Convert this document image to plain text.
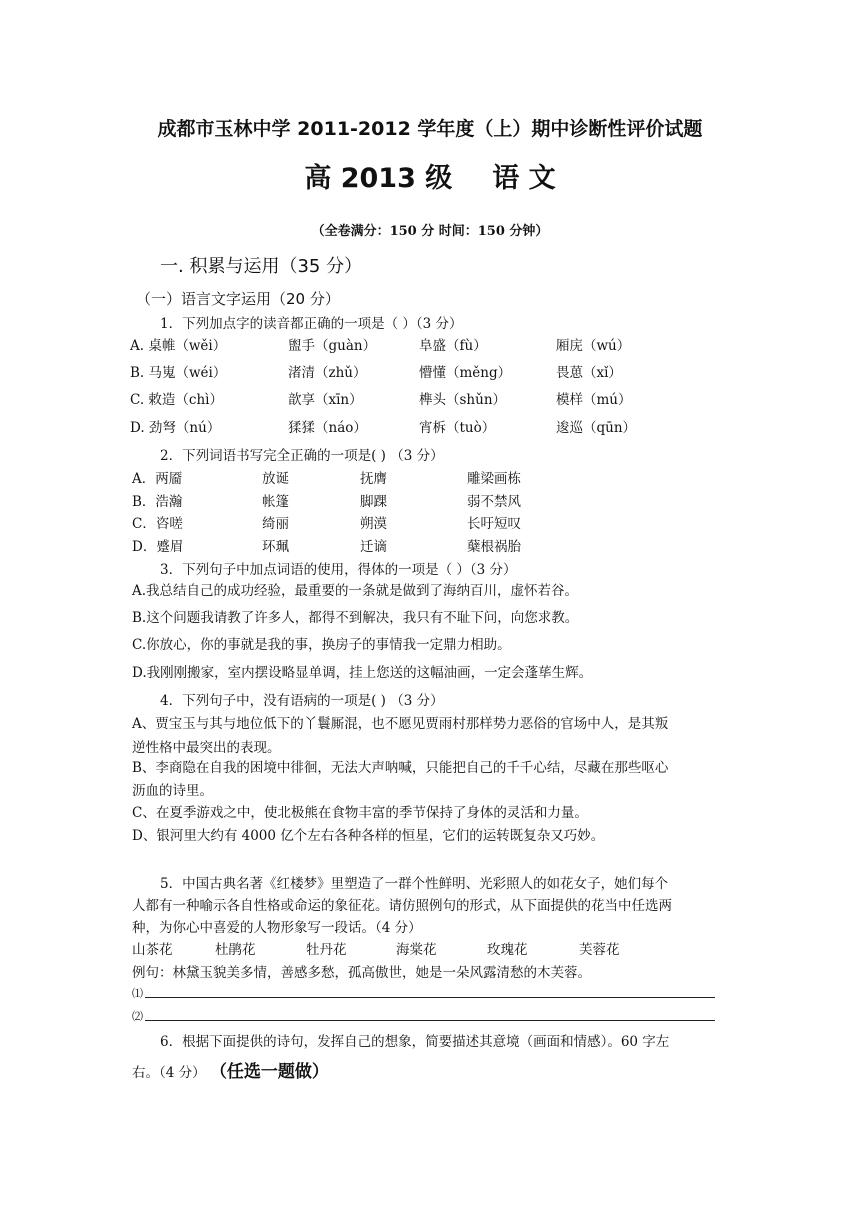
成都市玉林中学 2011-2012 学年度（上）期中诊断性评价试题
高 2013 级 语 文
（全卷满分：150 分 时间：150 分钟）
一. 积累与运用（35 分）
（一）语言文字运用（20 分）
1．下列加点字的读音都正确的一项是（ ）（3 分）
A. 桌帷（wěi）	盥手（guàn）	阜盛（fù）	厢庑（wú）
B. 马嵬（wéi）	渚清（zhǔ）	懵懂（měng）	畏葸（xǐ）
C. 敕造（chì）	歆享（xīn）	榫头（shǔn）	模样（mú）
D. 劲弩（nú）	猱猱（náo）	宵柝（tuò）	逡巡（qūn）
2．下列词语书写完全正确的一项是( ) （3 分）
A．两靥	放诞	抚膺	雕梁画栋
B．浩瀚	帐篷	脚踝	弱不禁风
C．咨嗟	绮丽	朔漠	长吁短叹
D．蹙眉	环珮	迁谪	蘖根祸胎
3．下列句子中加点词语的使用，得体的一项是（ ）（3 分）
A.我总结自己的成功经验，最重要的一条就是做到了海纳百川，虚怀若谷。
B.这个问题我请教了许多人，都得不到解决，我只有不耻下问，向您求教。
C.你放心，你的事就是我的事，换房子的事情我一定鼎力相助。
D.我刚刚搬家，室内摆设略显单调，挂上您送的这幅油画，一定会蓬荜生辉。
4．下列句子中，没有语病的一项是( ) （3 分）
A、贾宝玉与其与地位低下的丫鬟厮混，也不愿见贾雨村那样势力恶俗的官场中人，是其叛
逆性格中最突出的表现。
B、李商隐在自我的困境中徘徊，无法大声呐喊，只能把自己的千千心结，尽藏在那些呕心
沥血的诗里。
C、在夏季游戏之中，使北极熊在食物丰富的季节保持了身体的灵活和力量。
D、银河里大约有 4000 亿个左右各种各样的恒星，它们的运转既复杂又巧妙。
5．中国古典名著《红楼梦》里塑造了一群个性鲜明、光彩照人的如花女子，她们每个
人都有一种喻示各自性格或命运的象征花。请仿照例句的形式，从下面提供的花当中任选两
种，为你心中喜爱的人物形象写一段话。（4 分）
山茶花	杜鹃花	牡丹花	海棠花	玫瑰花	芙蓉花
例句：林黛玉貌美多情，善感多愁，孤高傲世，她是一朵风露清愁的木芙蓉。
⑴
⑵
6．根据下面提供的诗句，发挥自己的想象，简要描述其意境（画面和情感）。60 字左
右。（4 分） （任选一题做）
